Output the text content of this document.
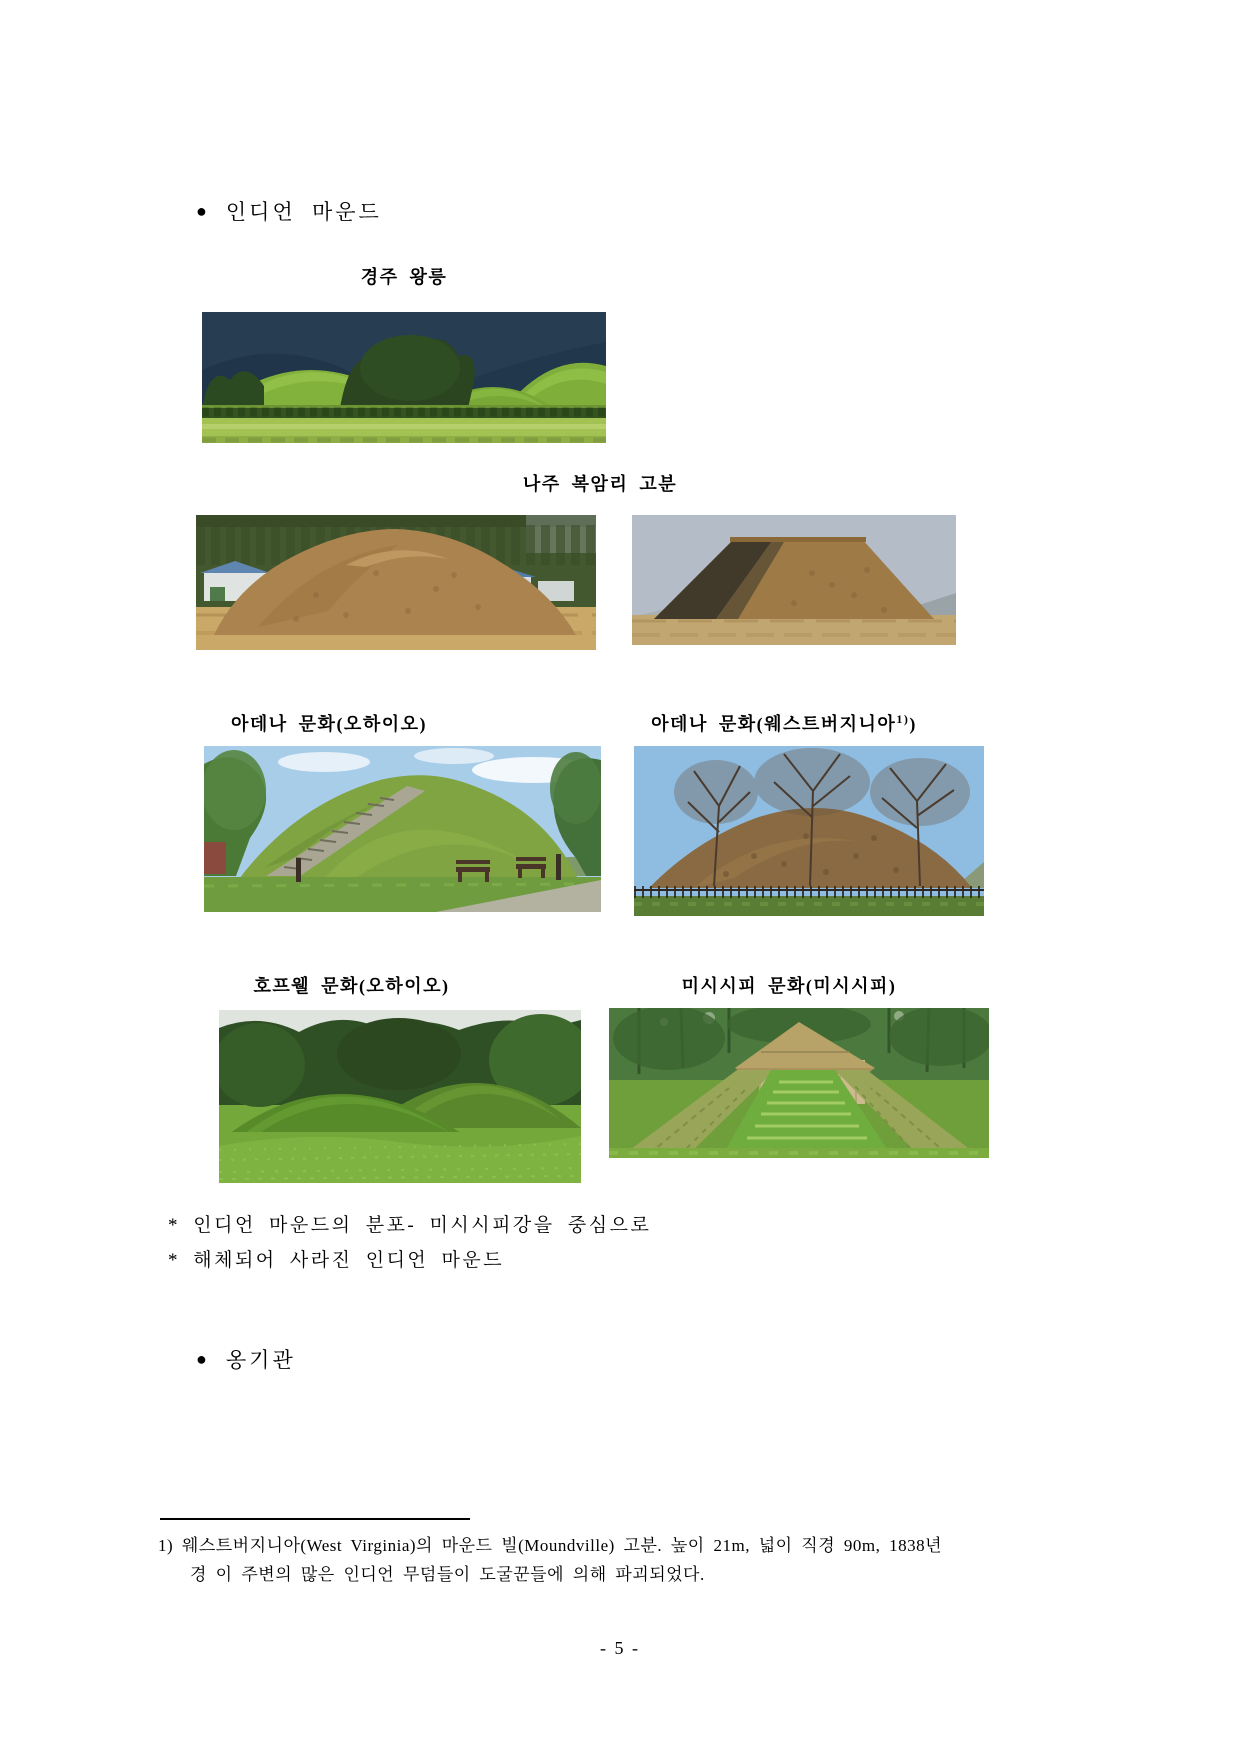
● 인디언 마운드
경주 왕릉
나주 복암리 고분
아데나 문화(오하이오)	아데나 문화(웨스트버지니아$^{1)}$)
호프웰 문화(오하이오)	미시시피 문화(미시시피)
* 인디언 마운드의 분포- 미시시피강을 중심으로
* 해체되어 사라진 인디언 마운드
● 옹기관
1) 웨스트버지니아(West Virginia)의 마운드 빌(Moundville) 고분. 높이 21m, 넓이 직경 90m, 1838년
경 이 주변의 많은 인디언 무덤들이 도굴꾼들에 의해 파괴되었다.
- 5 -
